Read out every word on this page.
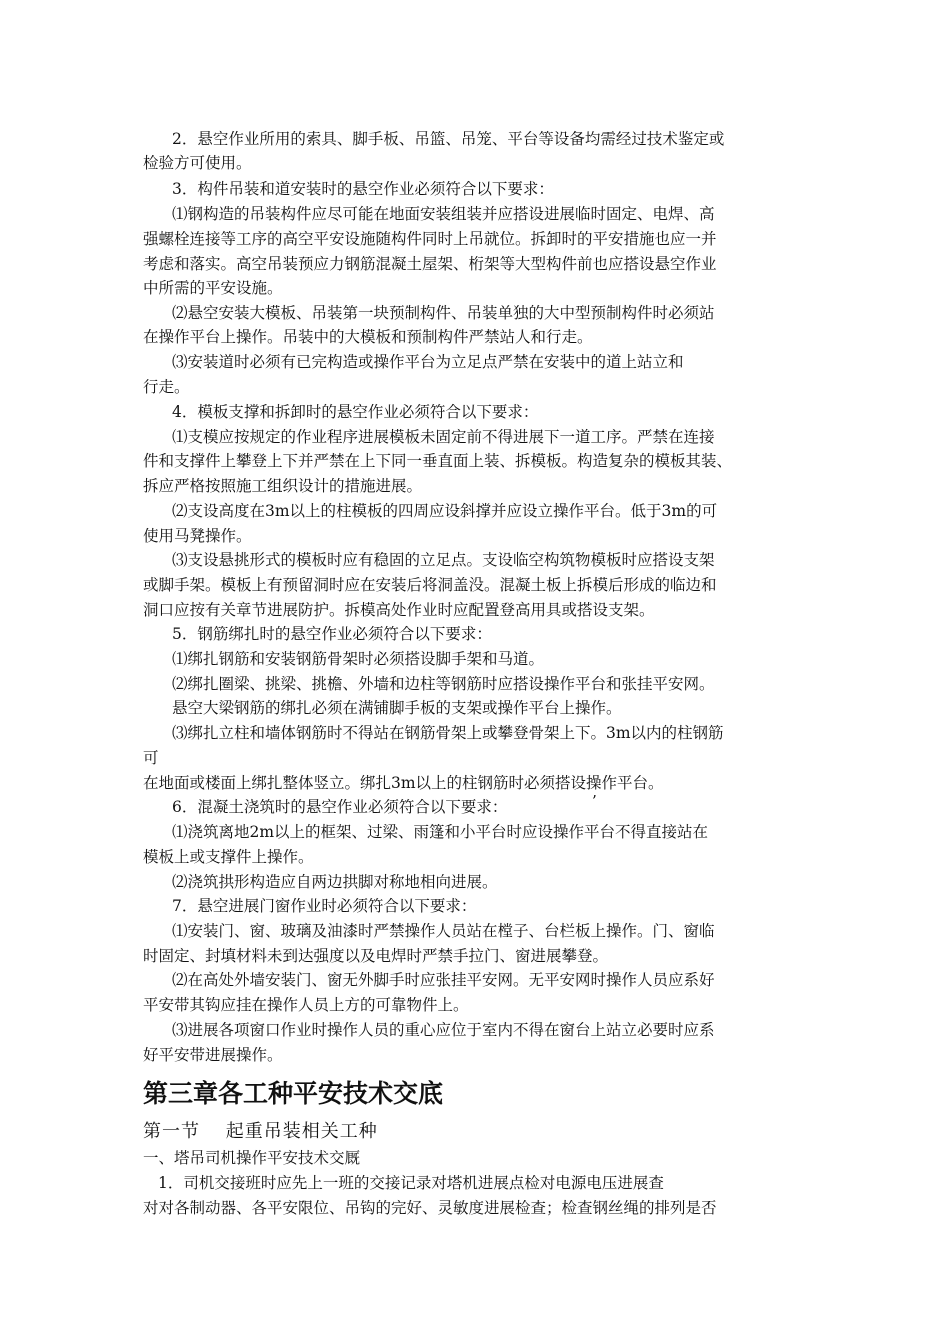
2．悬空作业所用的索具、脚手板、吊篮、吊笼、平台等设备均需经过技术鉴定或
检验方可使用。
3．构件吊装和道安装时的悬空作业必须符合以下要求：
⑴钢构造的吊装构件应尽可能在地面安装组装并应搭设进展临时固定、电焊、高
强螺栓连接等工序的高空平安设施随构件同时上吊就位。拆卸时的平安措施也应一并
考虑和落实。高空吊装预应力钢筋混凝土屋架、桁架等大型构件前也应搭设悬空作业
中所需的平安设施。
⑵悬空安装大模板、吊装第一块预制构件、吊装单独的大中型预制构件时必须站
在操作平台上操作。吊装中的大模板和预制构件严禁站人和行走。
⑶安装道时必须有已完构造或操作平台为立足点严禁在安装中的道上站立和
行走。
4．模板支撑和拆卸时的悬空作业必须符合以下要求：
⑴支模应按规定的作业程序进展模板未固定前不得进展下一道工序。严禁在连接
件和支撑件上攀登上下并严禁在上下同一垂直面上装、拆模板。构造复杂的模板其装、
拆应严格按照施工组织设计的措施进展。
⑵支设高度在3m以上的柱模板的四周应设斜撑并应设立操作平台。低于3m的可
使用马凳操作。
⑶支设悬挑形式的模板时应有稳固的立足点。支设临空构筑物模板时应搭设支架
或脚手架。模板上有预留洞时应在安装后将洞盖没。混凝土板上拆模后形成的临边和
洞口应按有关章节进展防护。拆模高处作业时应配置登高用具或搭设支架。
5．钢筋绑扎时的悬空作业必须符合以下要求：
⑴绑扎钢筋和安装钢筋骨架时必须搭设脚手架和马道。
⑵绑扎圈梁、挑梁、挑檐、外墙和边柱等钢筋时应搭设操作平台和张挂平安网。
悬空大梁钢筋的绑扎必须在满铺脚手板的支架或操作平台上操作。
⑶绑扎立柱和墙体钢筋时不得站在钢筋骨架上或攀登骨架上下。3m以内的柱钢筋
可
在地面或楼面上绑扎整体竖立。绑扎3m以上的柱钢筋时必须搭设操作平台。
6．混凝土浇筑时的悬空作业必须符合以下要求：	’
⑴浇筑离地2m以上的框架、过梁、雨篷和小平台时应设操作平台不得直接站在
模板上或支撑件上操作。
⑵浇筑拱形构造应自两边拱脚对称地相向进展。
7．悬空进展门窗作业时必须符合以下要求：
⑴安装门、窗、玻璃及油漆时严禁操作人员站在樘子、台栏板上操作。门、窗临
时固定、封填材料未到达强度以及电焊时严禁手拉门、窗进展攀登。
⑵在高处外墙安装门、窗无外脚手时应张挂平安网。无平安网时操作人员应系好
平安带其钩应挂在操作人员上方的可靠物件上。
⑶进展各项窗口作业时操作人员的重心应位于室内不得在窗台上站立必要时应系
好平安带进展操作。
第三章各工种平安技术交底
第一节　 起重吊装相关工种
一、塔吊司机操作平安技术交厩
1．司机交接班时应先上一班的交接记录对塔机进展点检对电源电压进展查
对对各制动器、各平安限位、吊钩的完好、灵敏度进展检查；检查钢丝绳的排列是否
